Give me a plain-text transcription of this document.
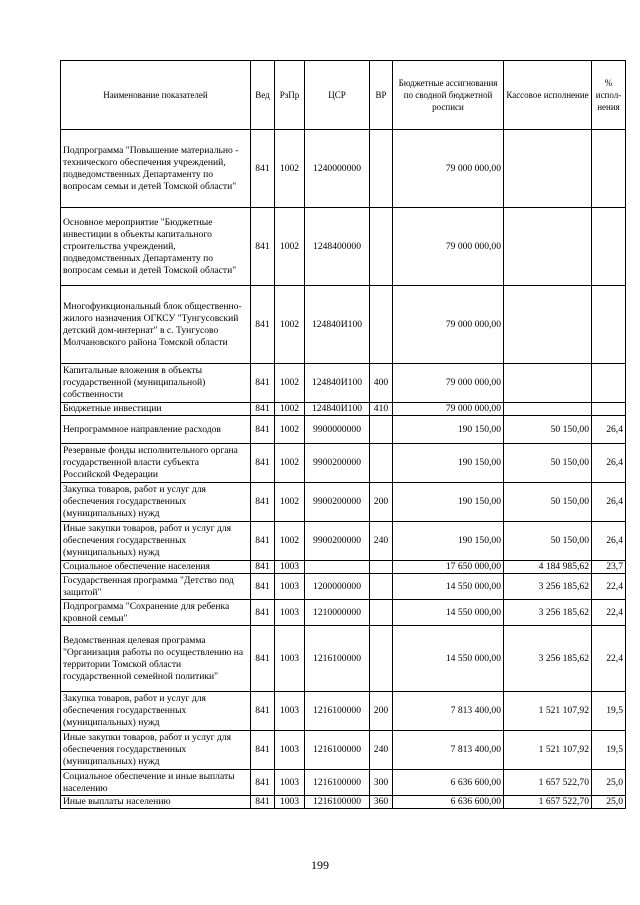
Наименование показателей	Вед	РзПр	ЦСР	ВР	Бюджетные ассигнования по сводной бюджетной росписи	Кассовое исполнение	% испол-нения
Подпрограмма "Повышение материально - технического обеспечения учреждений, подведомственных Департаменту по вопросам семьи и детей Томской области"	841	1002	1240000000		79 000 000,00		
Основное мероприятие "Бюджетные инвестиции в объекты капитального строительства учреждений, подведомственных Департаменту по вопросам семьи и детей Томской области"	841	1002	1248400000		79 000 000,00		
Многофункциональный блок общественно-жилого назначения ОГКСУ "Тунгусовский детский дом-интернат" в с. Тунгусово Молчановского района Томской области	841	1002	124840И100		79 000 000,00		
Капитальные вложения в объекты государственной (муниципальной) собственности	841	1002	124840И100	400	79 000 000,00		
Бюджетные инвестиции	841	1002	124840И100	410	79 000 000,00		
Непрограммное направление расходов	841	1002	9900000000		190 150,00	50 150,00	26,4
Резервные фонды исполнительного органа государственной власти субъекта Российской Федерации	841	1002	9900200000		190 150,00	50 150,00	26,4
Закупка товаров, работ и услуг для обеспечения государственных (муниципальных) нужд	841	1002	9900200000	200	190 150,00	50 150,00	26,4
Иные закупки товаров, работ и услуг для обеспечения государственных (муниципальных) нужд	841	1002	9900200000	240	190 150,00	50 150,00	26,4
Социальное обеспечение населения	841	1003			17 650 000,00	4 184 985,62	23,7
Государственная программа "Детство под защитой"	841	1003	1200000000		14 550 000,00	3 256 185,62	22,4
Подпрограмма "Сохранение для ребенка кровной семьи"	841	1003	1210000000		14 550 000,00	3 256 185,62	22,4
Ведомственная целевая программа "Организация работы по осуществлению на территории Томской области государственной семейной политики"	841	1003	1216100000		14 550 000,00	3 256 185,62	22,4
Закупка товаров, работ и услуг для обеспечения государственных (муниципальных) нужд	841	1003	1216100000	200	7 813 400,00	1 521 107,92	19,5
Иные закупки товаров, работ и услуг для обеспечения государственных (муниципальных) нужд	841	1003	1216100000	240	7 813 400,00	1 521 107,92	19,5
Социальное обеспечение и иные выплаты населению	841	1003	1216100000	300	6 636 600,00	1 657 522,70	25,0
Иные выплаты населению	841	1003	1216100000	360	6 636 600,00	1 657 522,70	25,0
199
